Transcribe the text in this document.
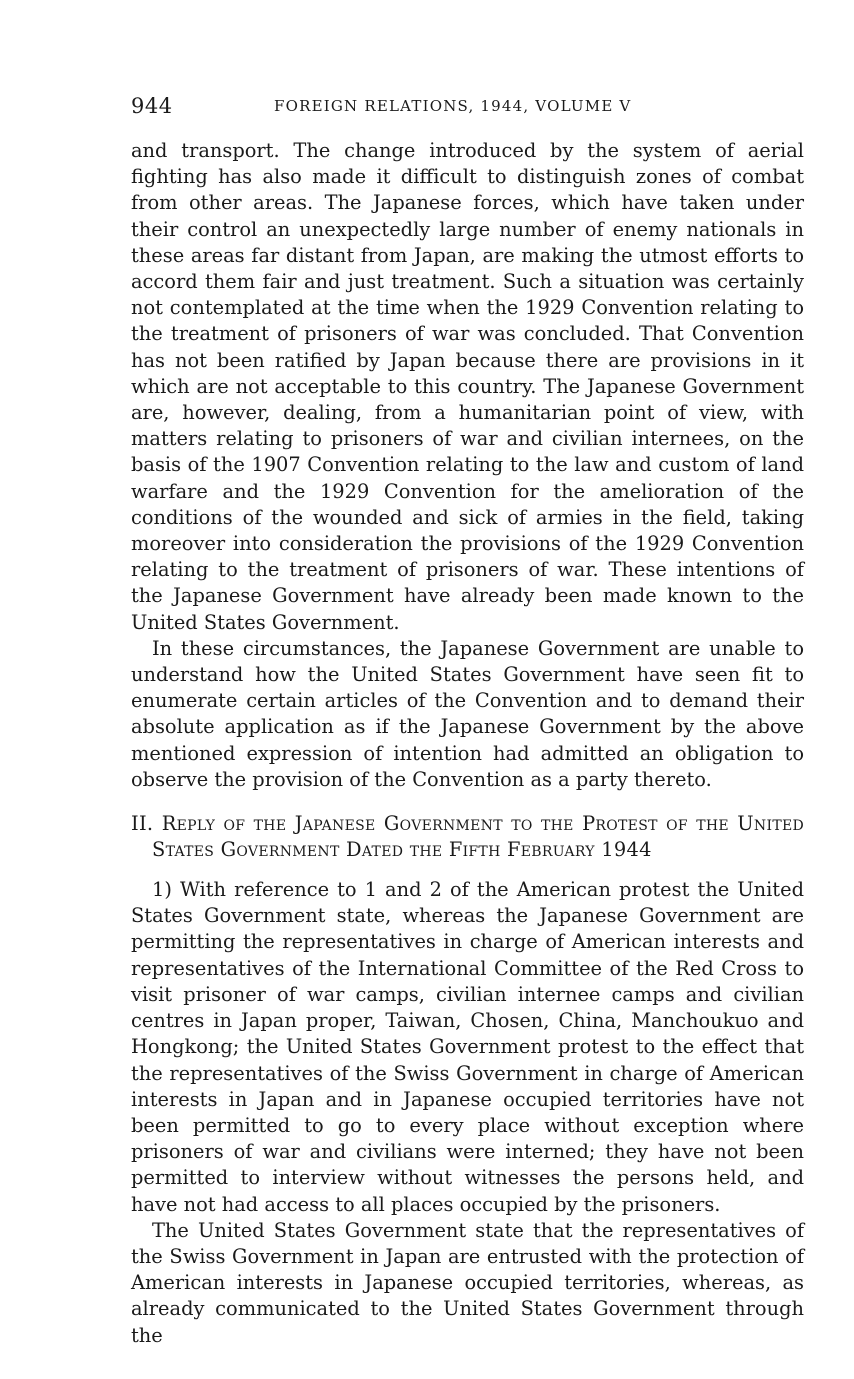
944	FOREIGN RELATIONS, 1944, VOLUME V

and transport. The change introduced by the system of aerial fighting has also made it difficult to distinguish zones of combat from other areas. The Japanese forces, which have taken under their control an unexpectedly large number of enemy nationals in these areas far distant from Japan, are making the utmost efforts to accord them fair and just treatment. Such a situation was certainly not contemplated at the time when the 1929 Convention relating to the treatment of prisoners of war was concluded. That Convention has not been ratified by Japan because there are provisions in it which are not acceptable to this country. The Japanese Government are, however, dealing, from a humanitarian point of view, with matters relating to prisoners of war and civilian internees, on the basis of the 1907 Convention relating to the law and custom of land warfare and the 1929 Convention for the amelioration of the conditions of the wounded and sick of armies in the field, taking moreover into consideration the provisions of the 1929 Convention relating to the treatment of prisoners of war. These intentions of the Japanese Government have already been made known to the United States Government.

In these circumstances, the Japanese Government are unable to understand how the United States Government have seen fit to enumerate certain articles of the Convention and to demand their absolute application as if the Japanese Government by the above mentioned expression of intention had admitted an obligation to observe the provision of the Convention as a party thereto.

II. Reply of the Japanese Government to the Protest of the United States Government Dated the Fifth February 1944

1) With reference to 1 and 2 of the American protest the United States Government state, whereas the Japanese Government are permitting the representatives in charge of American interests and representatives of the International Committee of the Red Cross to visit prisoner of war camps, civilian internee camps and civilian centres in Japan proper, Taiwan, Chosen, China, Manchoukuo and Hongkong; the United States Government protest to the effect that the representatives of the Swiss Government in charge of American interests in Japan and in Japanese occupied territories have not been permitted to go to every place without exception where prisoners of war and civilians were interned; they have not been permitted to interview without witnesses the persons held, and have not had access to all places occupied by the prisoners.

The United States Government state that the representatives of the Swiss Government in Japan are entrusted with the protection of American interests in Japanese occupied territories, whereas, as already communicated to the United States Government through the
